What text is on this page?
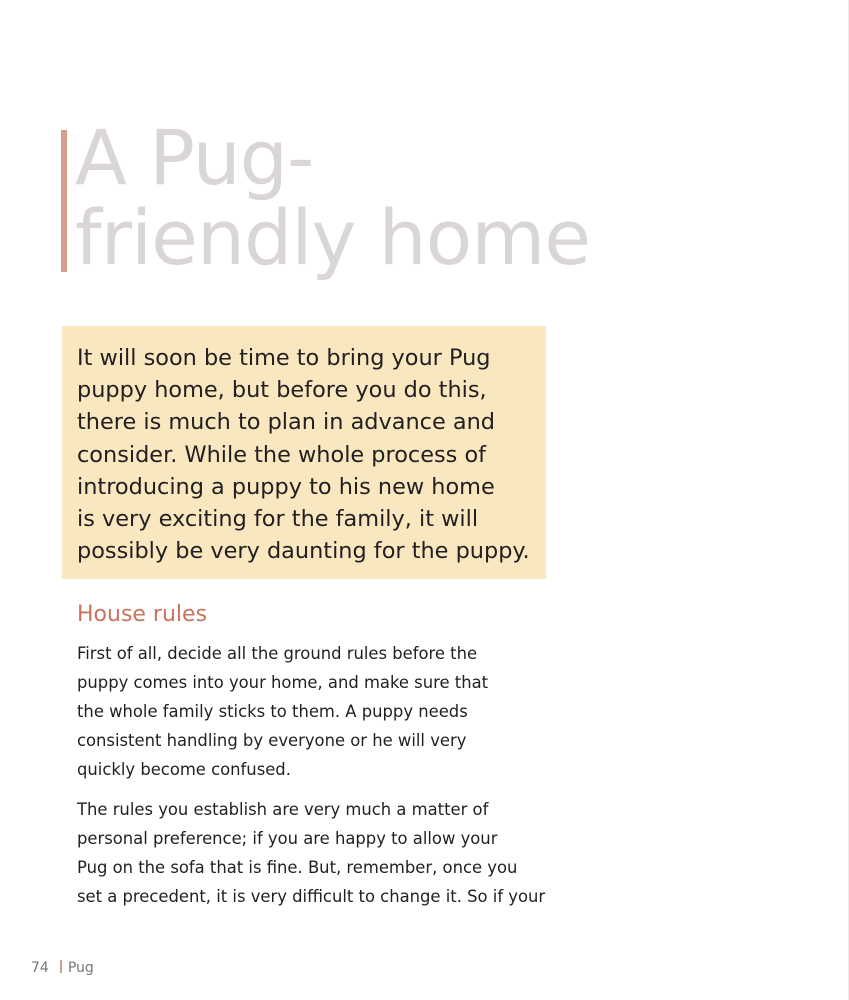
A Pug-
friendly home

It will soon be time to bring your Pug
puppy home, but before you do this,
there is much to plan in advance and
consider. While the whole process of
introducing a puppy to his new home
is very exciting for the family, it will
possibly be very daunting for the puppy.

House rules

First of all, decide all the ground rules before the
puppy comes into your home, and make sure that
the whole family sticks to them. A puppy needs
consistent handling by everyone or he will very
quickly become confused.

The rules you establish are very much a matter of
personal preference; if you are happy to allow your
Pug on the sofa that is fine. But, remember, once you
set a precedent, it is very difficult to change it. So if your

74 Pug
